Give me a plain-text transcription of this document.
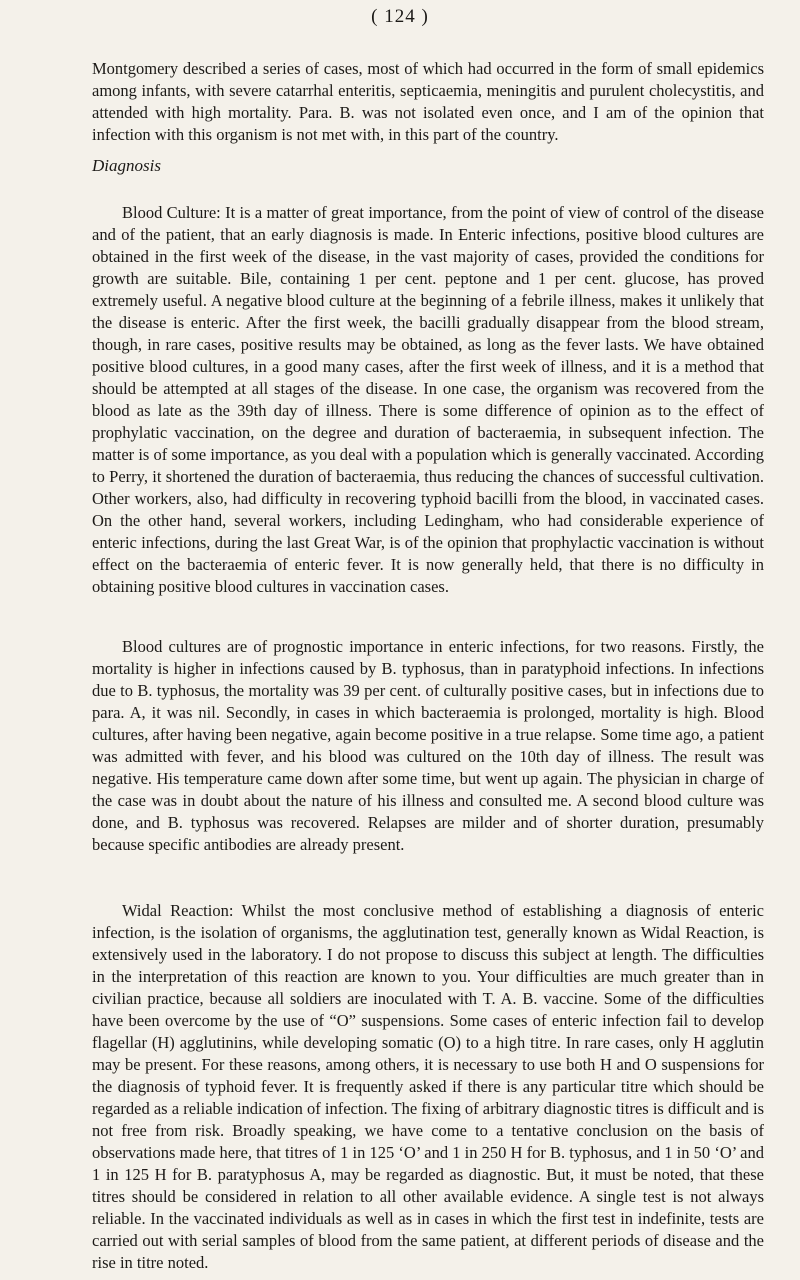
( 124 )

Montgomery described a series of cases, most of which had occurred in the form of small epidemics among infants, with severe catarrhal enteritis, septicaemia, meningitis and purulent cholecystitis, and attended with high mortality. Para. B. was not isolated even once, and I am of the opinion that infection with this organism is not met with, in this part of the country.

Diagnosis

Blood Culture: It is a matter of great importance, from the point of view of control of the disease and of the patient, that an early diagnosis is made. In Enteric infections, positive blood cultures are obtained in the first week of the disease, in the vast majority of cases, provided the conditions for growth are suitable. Bile, containing 1 per cent. peptone and 1 per cent. glucose, has proved extremely useful. A negative blood culture at the beginning of a febrile illness, makes it unlikely that the disease is enteric. After the first week, the bacilli gradually disappear from the blood stream, though, in rare cases, positive results may be obtained, as long as the fever lasts. We have obtained positive blood cultures, in a good many cases, after the first week of illness, and it is a method that should be attempted at all stages of the disease. In one case, the organism was recovered from the blood as late as the 39th day of illness. There is some difference of opinion as to the effect of prophylatic vaccination, on the degree and duration of bacteraemia, in subsequent infection. The matter is of some importance, as you deal with a population which is generally vaccinated. According to Perry, it shortened the duration of bacteraemia, thus reducing the chances of successful cultivation. Other workers, also, had difficulty in recovering typhoid bacilli from the blood, in vaccinated cases. On the other hand, several workers, including Ledingham, who had considerable experience of enteric infections, during the last Great War, is of the opinion that prophylactic vaccination is without effect on the bacteraemia of enteric fever. It is now generally held, that there is no difficulty in obtaining positive blood cultures in vaccination cases.

Blood cultures are of prognostic importance in enteric infections, for two reasons. Firstly, the mortality is higher in infections caused by B. typhosus, than in paratyphoid infections. In infections due to B. typhosus, the mortality was 39 per cent. of culturally positive cases, but in infections due to para. A, it was nil. Secondly, in cases in which bacteraemia is prolonged, mortality is high. Blood cultures, after having been negative, again become positive in a true relapse. Some time ago, a patient was admitted with fever, and his blood was cultured on the 10th day of illness. The result was negative. His temperature came down after some time, but went up again. The physician in charge of the case was in doubt about the nature of his illness and consulted me. A second blood culture was done, and B. typhosus was recovered. Relapses are milder and of shorter duration, presumably because specific antibodies are already present.

Widal Reaction: Whilst the most conclusive method of establishing a diagnosis of enteric infection, is the isolation of organisms, the agglutination test, generally known as Widal Reaction, is extensively used in the laboratory. I do not propose to discuss this subject at length. The difficulties in the interpretation of this reaction are known to you. Your difficulties are much greater than in civilian practice, because all soldiers are inoculated with T. A. B. vaccine. Some of the difficulties have been overcome by the use of “O” suspensions. Some cases of enteric infection fail to develop flagellar (H) agglutinins, while developing somatic (O) to a high titre. In rare cases, only H agglutin may be present. For these reasons, among others, it is necessary to use both H and O suspensions for the diagnosis of typhoid fever. It is frequently asked if there is any particular titre which should be regarded as a reliable indication of infection. The fixing of arbitrary diagnostic titres is difficult and is not free from risk. Broadly speaking, we have come to a tentative conclusion on the basis of observations made here, that titres of 1 in 125 ‘O’ and 1 in 250 H for B. typhosus, and 1 in 50 ‘O’ and 1 in 125 H for B. paratyphosus A, may be regarded as diagnostic. But, it must be noted, that these titres should be considered in relation to all other available evidence. A single test is not always reliable. In the vaccinated individuals as well as in cases in which the first test in indefinite, tests are carried out with serial samples of blood from the same patient, at different periods of disease and the rise in titre noted.
